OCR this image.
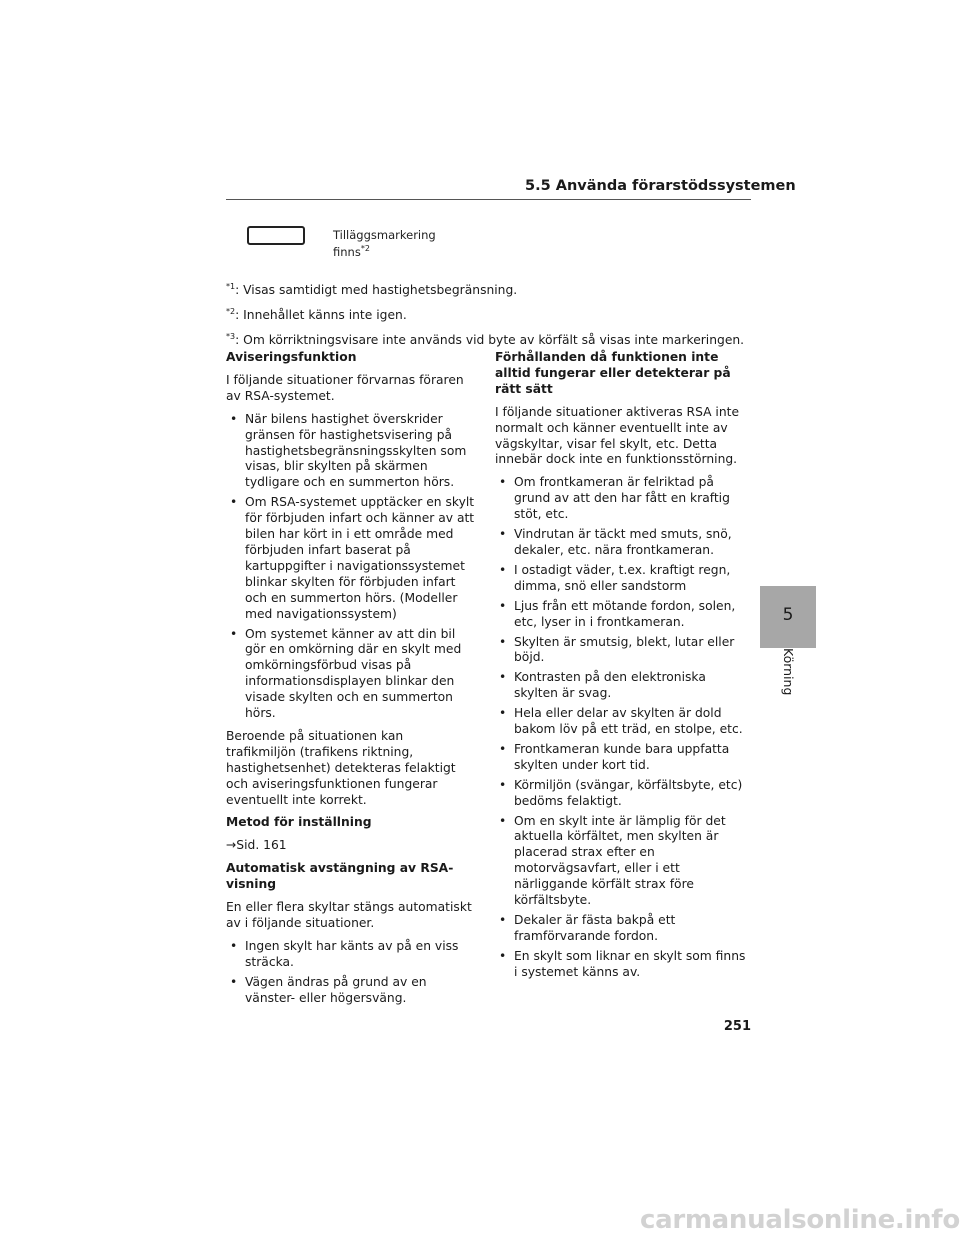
5.5 Använda förarstödssystemen
Tilläggsmarkering
finns$^{*2}$
$^{*1}$: Visas samtidigt med hastighetsbegränsning.
$^{*2}$: Innehållet känns inte igen.
$^{*3}$: Om körriktningsvisare inte används vid byte av körfält så visas inte markeringen.
Aviseringsfunktion
I följande situationer förvarnas föraren av RSA-systemet.
• När bilens hastighet överskrider gränsen för hastighetsvisering på hastighetsbegränsningsskylten som visas, blir skylten på skärmen tydligare och en summerton hörs.
• Om RSA-systemet upptäcker en skylt för förbjuden infart och känner av att bilen har kört in i ett område med förbjuden infart baserat på kartuppgifter i navigationssystemet blinkar skylten för förbjuden infart och en summerton hörs. (Modeller med navigationssystem)
• Om systemet känner av att din bil gör en omkörning där en skylt med omkörningsförbud visas på informationsdisplayen blinkar den visade skylten och en summerton hörs.
Beroende på situationen kan trafikmiljön (trafikens riktning, hastighetsenhet) detekteras felaktigt och aviseringsfunktionen fungerar eventuellt inte korrekt.
Metod för inställning
→Sid. 161
Automatisk avstängning av RSA-visning
En eller flera skyltar stängs automatiskt av i följande situationer.
• Ingen skylt har känts av på en viss sträcka.
• Vägen ändras på grund av en vänster- eller högersväng.
Förhållanden då funktionen inte alltid fungerar eller detekterar på rätt sätt
I följande situationer aktiveras RSA inte normalt och känner eventuellt inte av vägskyltar, visar fel skylt, etc. Detta innebär dock inte en funktionsstörning.
• Om frontkameran är felriktad på grund av att den har fått en kraftig stöt, etc.
• Vindrutan är täckt med smuts, snö, dekaler, etc. nära frontkameran.
• I ostadigt väder, t.ex. kraftigt regn, dimma, snö eller sandstorm
• Ljus från ett mötande fordon, solen, etc, lyser in i frontkameran.
• Skylten är smutsig, blekt, lutar eller böjd.
• Kontrasten på den elektroniska skylten är svag.
• Hela eller delar av skylten är dold bakom löv på ett träd, en stolpe, etc.
• Frontkameran kunde bara uppfatta skylten under kort tid.
• Körmiljön (svängar, körfältsbyte, etc) bedöms felaktigt.
• Om en skylt inte är lämplig för det aktuella körfältet, men skylten är placerad strax efter en motorvägsavfart, eller i ett närliggande körfält strax före körfältsbyte.
• Dekaler är fästa bakpå ett framförvarande fordon.
• En skylt som liknar en skylt som finns i systemet känns av.
5
Körning
251
carmanualsonline.info
